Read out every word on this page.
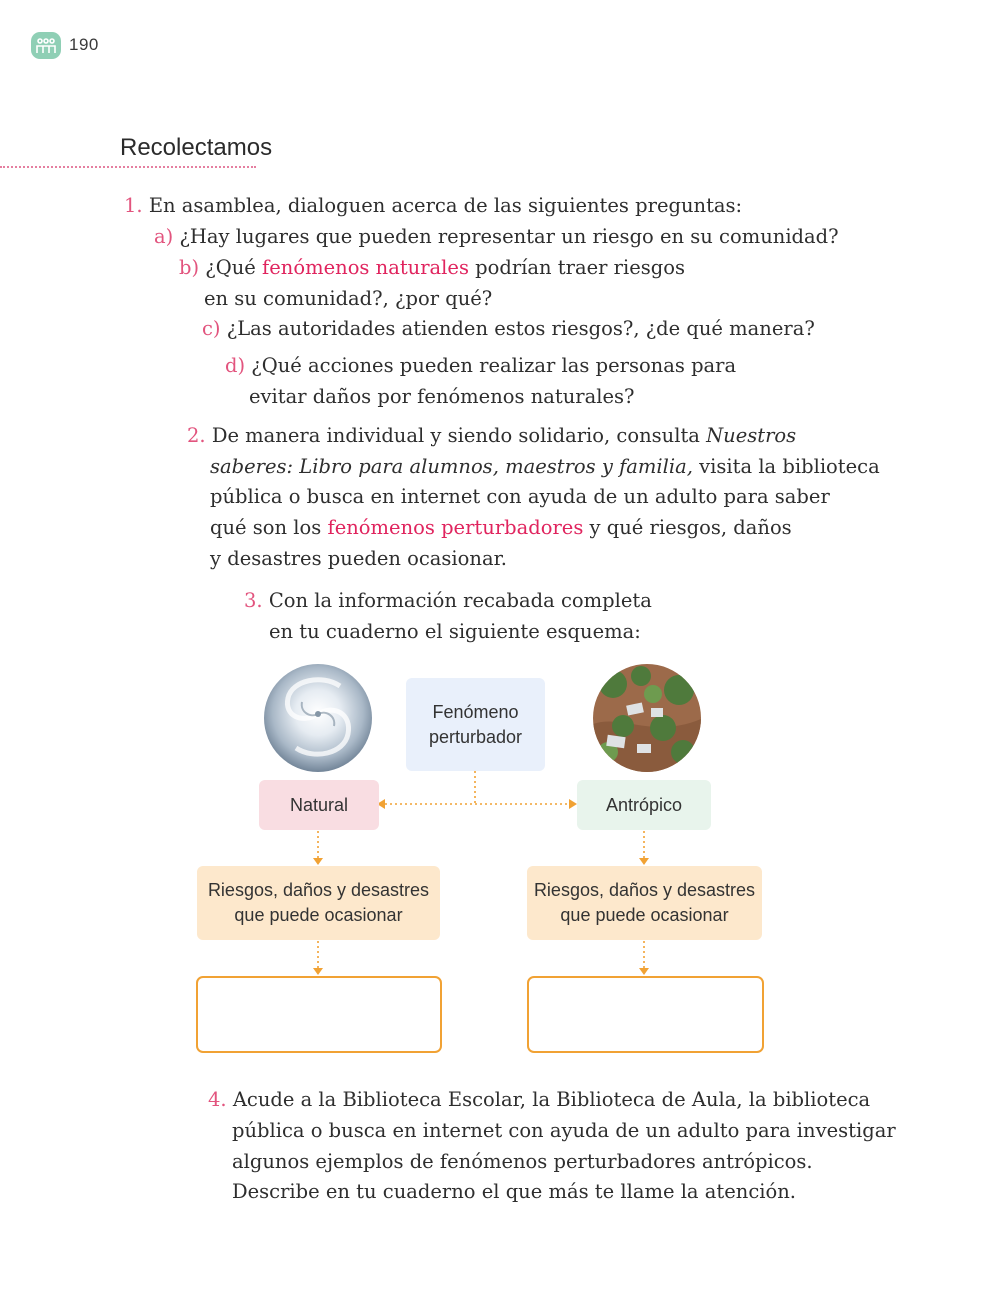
190
Recolectamos
1. En asamblea, dialoguen acerca de las siguientes preguntas:
a) ¿Hay lugares que pueden representar un riesgo en su comunidad?
b) ¿Qué fenómenos naturales podrían traer riesgos
en su comunidad?, ¿por qué?
c) ¿Las autoridades atienden estos riesgos?, ¿de qué manera?
d) ¿Qué acciones pueden realizar las personas para
evitar daños por fenómenos naturales?
2. De manera individual y siendo solidario, consulta Nuestros
saberes: Libro para alumnos, maestros y familia, visita la biblioteca
pública o busca en internet con ayuda de un adulto para saber
qué son los fenómenos perturbadores y qué riesgos, daños
y desastres pueden ocasionar.
3. Con la información recabada completa
en tu cuaderno el siguiente esquema:
Fenómeno
perturbador
Natural	Antrópico
Riesgos, daños y desastres
que puede ocasionar
Riesgos, daños y desastres
que puede ocasionar
4. Acude a la Biblioteca Escolar, la Biblioteca de Aula, la biblioteca
pública o busca en internet con ayuda de un adulto para investigar
algunos ejemplos de fenómenos perturbadores antrópicos.
Describe en tu cuaderno el que más te llame la atención.
